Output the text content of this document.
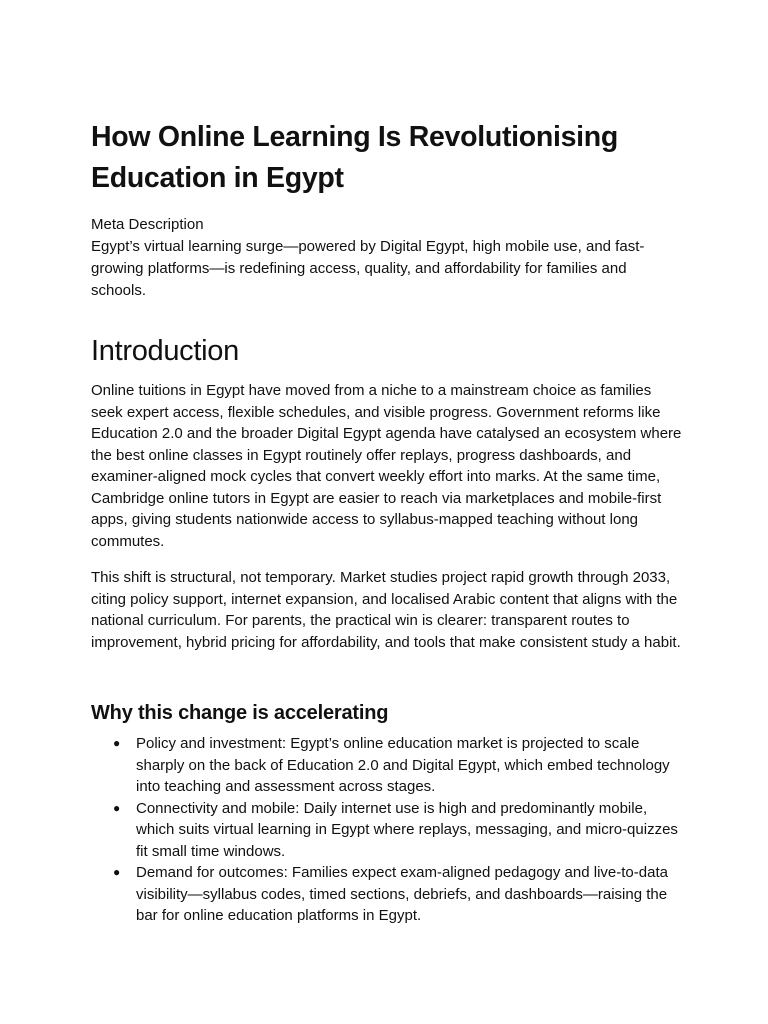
How Online Learning Is Revolutionising Education in Egypt

Meta Description

Egypt’s virtual learning surge—powered by Digital Egypt, high mobile use, and fast-growing platforms—is redefining access, quality, and affordability for families and schools.

Introduction

Online tuitions in Egypt have moved from a niche to a mainstream choice as families seek expert access, flexible schedules, and visible progress. Government reforms like Education 2.0 and the broader Digital Egypt agenda have catalysed an ecosystem where the best online classes in Egypt routinely offer replays, progress dashboards, and examiner-aligned mock cycles that convert weekly effort into marks. At the same time, Cambridge online tutors in Egypt are easier to reach via marketplaces and mobile-first apps, giving students nationwide access to syllabus-mapped teaching without long commutes.

This shift is structural, not temporary. Market studies project rapid growth through 2033, citing policy support, internet expansion, and localised Arabic content that aligns with the national curriculum. For parents, the practical win is clearer: transparent routes to improvement, hybrid pricing for affordability, and tools that make consistent study a habit.

Why this change is accelerating
● Policy and investment: Egypt’s online education market is projected to scale sharply on the back of Education 2.0 and Digital Egypt, which embed technology into teaching and assessment across stages.
● Connectivity and mobile: Daily internet use is high and predominantly mobile, which suits virtual learning in Egypt where replays, messaging, and micro-quizzes fit small time windows.
● Demand for outcomes: Families expect exam-aligned pedagogy and live-to-data visibility—syllabus codes, timed sections, debriefs, and dashboards—raising the bar for online education platforms in Egypt.
